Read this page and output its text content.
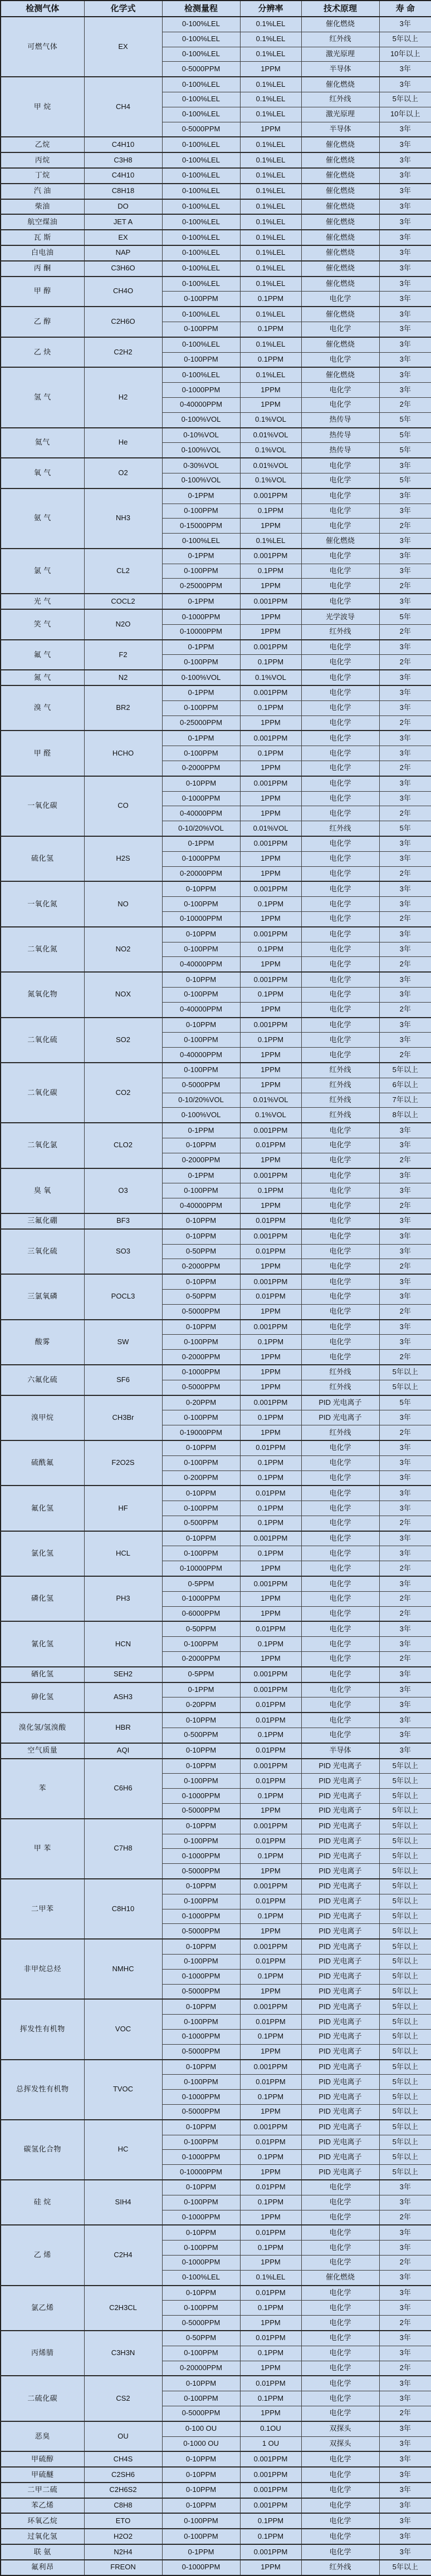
检测气体	化学式	检测量程	分辨率	技术原理	寿 命
可燃气体	EX	0-100%LEL	0.1%LEL	催化燃烧	3年
		0-100%LEL	0.1%LEL	红外线	5年以上
		0-100%LEL	0.1%LEL	激光原理	10年以上
		0-5000PPM	1PPM	半导体	3年
甲 烷	CH4	0-100%LEL	0.1%LEL	催化燃烧	3年
		0-100%LEL	0.1%LEL	红外线	5年以上
		0-100%LEL	0.1%LEL	激光原理	10年以上
		0-5000PPM	1PPM	半导体	3年
乙烷	C4H10	0-100%LEL	0.1%LEL	催化燃烧	3年
丙烷	C3H8	0-100%LEL	0.1%LEL	催化燃烧	3年
丁烷	C4H10	0-100%LEL	0.1%LEL	催化燃烧	3年
汽 油	C8H18	0-100%LEL	0.1%LEL	催化燃烧	3年
柴油	DO	0-100%LEL	0.1%LEL	催化燃烧	3年
航空煤油	JET A	0-100%LEL	0.1%LEL	催化燃烧	3年
瓦 斯	EX	0-100%LEL	0.1%LEL	催化燃烧	3年
白电油	NAP	0-100%LEL	0.1%LEL	催化燃烧	3年
丙 酮	C3H6O	0-100%LEL	0.1%LEL	催化燃烧	3年
甲 醇	CH4O	0-100%LEL	0.1%LEL	催化燃烧	3年
		0-100PPM	0.1PPM	电化学	3年
乙 醇	C2H6O	0-100%LEL	0.1%LEL	催化燃烧	3年
		0-100PPM	0.1PPM	电化学	3年
乙 炔	C2H2	0-100%LEL	0.1%LEL	催化燃烧	3年
		0-100PPM	0.1PPM	电化学	3年
氢 气	H2	0-100%LEL	0.1%LEL	催化燃烧	3年
		0-1000PPM	1PPM	电化学	3年
		0-40000PPM	1PPM	电化学	2年
		0-100%VOL	0.1%VOL	热传导	5年
氦气	He	0-10%VOL	0.01%VOL	热传导	5年
		0-100%VOL	0.1%VOL	热传导	5年
氧 气	O2	0-30%VOL	0.01%VOL	电化学	3年
		0-100%VOL	0.1%VOL	电化学	5年
氨 气	NH3	0-1PPM	0.001PPM	电化学	3年
		0-100PPM	0.1PPM	电化学	3年
		0-15000PPM	1PPM	电化学	2年
		0-100%LEL	0.1%LEL	催化燃烧	3年
氯 气	CL2	0-1PPM	0.001PPM	电化学	3年
		0-100PPM	0.1PPM	电化学	3年
		0-25000PPM	1PPM	电化学	2年
光 气	COCL2	0-1PPM	0.001PPM	电化学	3年
笑 气	N2O	0-1000PPM	1PPM	光学波导	5年
		0-10000PPM	1PPM	红外线	2年
氟 气	F2	0-1PPM	0.001PPM	电化学	3年
		0-100PPM	0.1PPM	电化学	2年
氮 气	N2	0-100%VOL	0.1%VOL	电化学	3年
溴 气	BR2	0-1PPM	0.001PPM	电化学	3年
		0-100PPM	0.1PPM	电化学	3年
		0-25000PPM	1PPM	电化学	2年
甲 醛	HCHO	0-1PPM	0.001PPM	电化学	3年
		0-100PPM	0.1PPM	电化学	3年
		0-2000PPM	1PPM	电化学	2年
一氧化碳	CO	0-10PPM	0.001PPM	电化学	3年
		0-1000PPM	1PPM	电化学	3年
		0-40000PPM	1PPM	电化学	2年
		0-10/20%VOL	0.01%VOL	红外线	5年
硫化氢	H2S	0-1PPM	0.001PPM	电化学	3年
		0-1000PPM	1PPM	电化学	3年
		0-20000PPM	1PPM	电化学	2年
一氧化氮	NO	0-10PPM	0.001PPM	电化学	3年
		0-100PPM	0.1PPM	电化学	3年
		0-10000PPM	1PPM	电化学	2年
二氧化氮	NO2	0-10PPM	0.001PPM	电化学	3年
		0-100PPM	0.1PPM	电化学	3年
		0-40000PPM	1PPM	电化学	2年
氮氧化物	NOX	0-10PPM	0.001PPM	电化学	3年
		0-100PPM	0.1PPM	电化学	3年
		0-40000PPM	1PPM	电化学	2年
二氧化硫	SO2	0-10PPM	0.001PPM	电化学	3年
		0-100PPM	0.1PPM	电化学	3年
		0-40000PPM	1PPM	电化学	2年
二氧化碳	CO2	0-100PPM	1PPM	红外线	5年以上
		0-5000PPM	1PPM	红外线	6年以上
		0-10/20%VOL	0.01%VOL	红外线	7年以上
		0-100%VOL	0.1%VOL	红外线	8年以上
二氧化氯	CLO2	0-1PPM	0.001PPM	电化学	3年
		0-10PPM	0.01PPM	电化学	3年
		0-2000PPM	1PPM	电化学	2年
臭 氧	O3	0-1PPM	0.001PPM	电化学	3年
		0-100PPM	0.1PPM	电化学	3年
		0-40000PPM	1PPM	电化学	2年
三氟化硼	BF3	0-10PPM	0.01PPM	电化学	3年
三氧化硫	SO3	0-10PPM	0.001PPM	电化学	3年
		0-50PPM	0.01PPM	电化学	3年
		0-2000PPM	1PPM	电化学	2年
三氯氧磷	POCL3	0-10PPM	0.001PPM	电化学	3年
		0-50PPM	0.01PPM	电化学	3年
		0-5000PPM	1PPM	电化学	2年
酸雾	SW	0-10PPM	0.001PPM	电化学	3年
		0-100PPM	0.1PPM	电化学	3年
		0-2000PPM	1PPM	电化学	2年
六氟化硫	SF6	0-1000PPM	1PPM	红外线	5年以上
		0-5000PPM	1PPM	红外线	5年以上
溴甲烷	CH3Br	0-20PPM	0.001PPM	PID 光电离子	5年
		0-100PPM	0.1PPM	PID 光电离子	3年
		0-19000PPM	1PPM	红外线	2年
硫酰氟	F2O2S	0-10PPM	0.01PPM	电化学	3年
		0-100PPM	0.1PPM	电化学	3年
		0-200PPM	0.1PPM	电化学	3年
氟化氢	HF	0-10PPM	0.01PPM	电化学	3年
		0-100PPM	0.1PPM	电化学	3年
		0-500PPM	0.1PPM	电化学	2年
氯化氢	HCL	0-10PPM	0.001PPM	电化学	3年
		0-100PPM	0.1PPM	电化学	3年
		0-10000PPM	1PPM	电化学	2年
磷化氢	PH3	0-5PPM	0.001PPM	电化学	3年
		0-1000PPM	1PPM	电化学	2年
		0-6000PPM	1PPM	电化学	2年
氰化氢	HCN	0-50PPM	0.01PPM	电化学	3年
		0-100PPM	0.1PPM	电化学	3年
		0-2000PPM	1PPM	电化学	2年
硒化氢	SEH2	0-5PPM	0.001PPM	电化学	3年
砷化氢	ASH3	0-1PPM	0.001PPM	电化学	3年
		0-20PPM	0.01PPM	电化学	3年
溴化氢/氢溴酸	HBR	0-10PPM	0.01PPM	电化学	3年
		0-500PPM	0.1PPM	电化学	3年
空气质量	AQI	0-10PPM	0.01PPM	半导体	3年
苯	C6H6	0-10PPM	0.001PPM	PID 光电离子	5年以上
		0-100PPM	0.01PPM	PID 光电离子	5年以上
		0-1000PPM	0.1PPM	PID 光电离子	5年以上
		0-5000PPM	1PPM	PID 光电离子	5年以上
甲 苯	C7H8	0-10PPM	0.001PPM	PID 光电离子	5年以上
		0-100PPM	0.01PPM	PID 光电离子	5年以上
		0-1000PPM	0.1PPM	PID 光电离子	5年以上
		0-5000PPM	1PPM	PID 光电离子	5年以上
二甲苯	C8H10	0-10PPM	0.001PPM	PID 光电离子	5年以上
		0-100PPM	0.01PPM	PID 光电离子	5年以上
		0-1000PPM	0.1PPM	PID 光电离子	5年以上
		0-5000PPM	1PPM	PID 光电离子	5年以上
非甲烷总烃	NMHC	0-10PPM	0.001PPM	PID 光电离子	5年以上
		0-100PPM	0.01PPM	PID 光电离子	5年以上
		0-1000PPM	0.1PPM	PID 光电离子	5年以上
		0-5000PPM	1PPM	PID 光电离子	5年以上
挥发性有机物	VOC	0-10PPM	0.001PPM	PID 光电离子	5年以上
		0-100PPM	0.01PPM	PID 光电离子	5年以上
		0-1000PPM	0.1PPM	PID 光电离子	5年以上
		0-5000PPM	1PPM	PID 光电离子	5年以上
总挥发性有机物	TVOC	0-10PPM	0.001PPM	PID 光电离子	5年以上
		0-100PPM	0.01PPM	PID 光电离子	5年以上
		0-1000PPM	0.1PPM	PID 光电离子	5年以上
		0-5000PPM	1PPM	PID 光电离子	5年以上
碳氢化合物	HC	0-10PPM	0.001PPM	PID 光电离子	5年以上
		0-100PPM	0.01PPM	PID 光电离子	5年以上
		0-1000PPM	0.1PPM	PID 光电离子	5年以上
		0-10000PPM	1PPM	PID 光电离子	5年以上
硅 烷	SIH4	0-10PPM	0.01PPM	电化学	3年
		0-100PPM	0.1PPM	电化学	3年
		0-1000PPM	1PPM	电化学	2年
乙 烯	C2H4	0-10PPM	0.01PPM	电化学	3年
		0-100PPM	0.1PPM	电化学	3年
		0-1000PPM	1PPM	电化学	2年
		0-100%LEL	0.1%LEL	催化燃烧	3年
氯乙烯	C2H3CL	0-10PPM	0.01PPM	电化学	3年
		0-100PPM	0.1PPM	电化学	3年
		0-5000PPM	1PPM	电化学	2年
丙烯腈	C3H3N	0-50PPM	0.01PPM	电化学	3年
		0-100PPM	0.1PPM	电化学	3年
		0-20000PPM	1PPM	电化学	2年
二硫化碳	CS2	0-10PPM	0.01PPM	电化学	3年
		0-100PPM	0.1PPM	电化学	3年
		0-5000PPM	1PPM	电化学	2年
恶臭	OU	0-100 OU	0.1OU	双探头	3年
		0-1000 OU	1 OU	双探头	3年
甲硫醇	CH4S	0-10PPM	0.001PPM	电化学	3年
甲硫醚	C2SH6	0-10PPM	0.001PPM	电化学	3年
二甲二硫	C2H6S2	0-10PPM	0.001PPM	电化学	3年
苯乙烯	C8H8	0-10PPM	0.001PPM	电化学	3年
环氧乙烷	ETO	0-100PPM	0.1PPM	电化学	3年
过氧化氢	H2O2	0-100PPM	0.1PPM	电化学	3年
联 氨	N2H4	0-1PPM	0.001PPM	电化学	3年
氟利昂	FREON	0-1000PPM	1PPM	红外线	5年以上
